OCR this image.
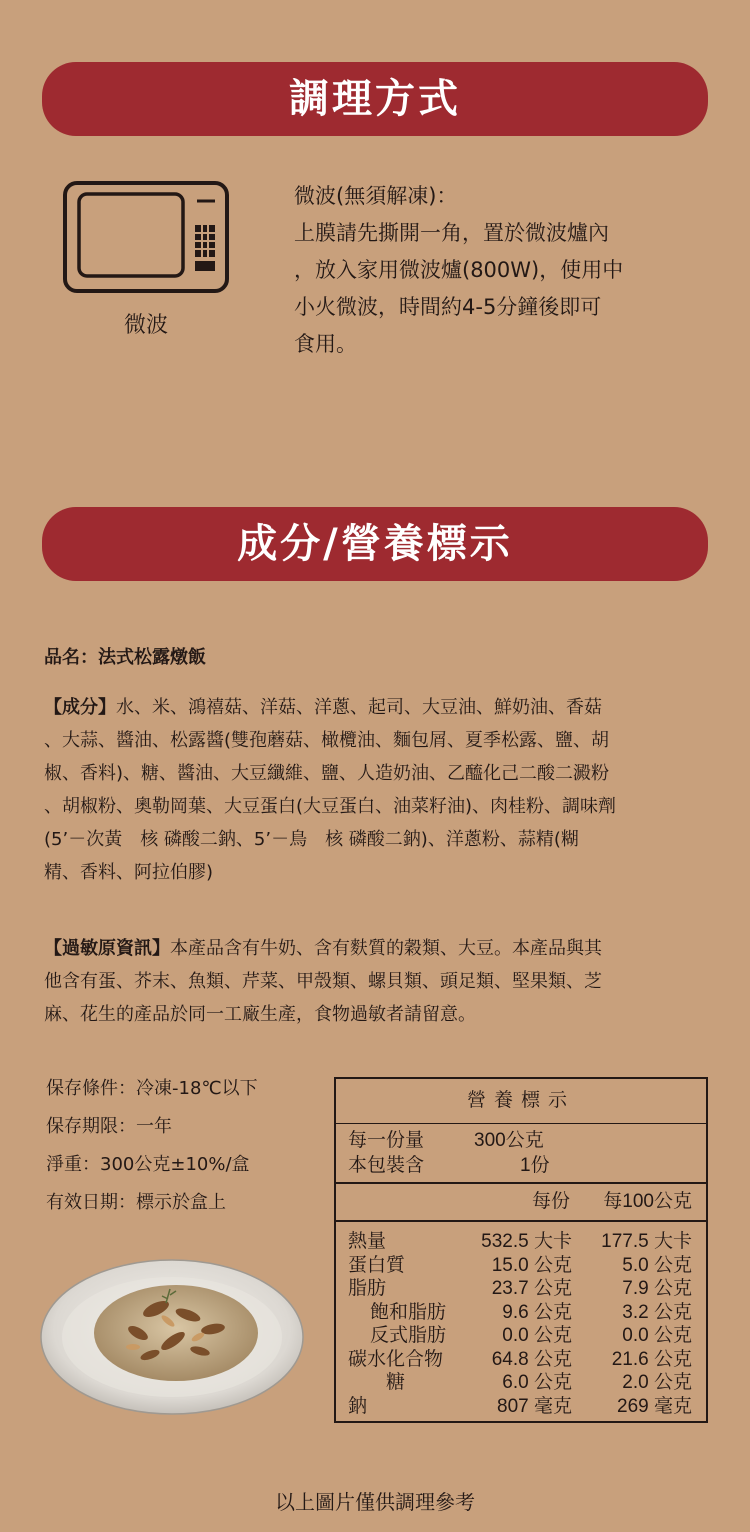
調理方式
微波
微波(無須解凍)：
上膜請先撕開一角，置於微波爐內
，放入家用微波爐(800W)，使用中
小火微波，時間約4-5分鐘後即可
食用。
成分/營養標示
品名：法式松露燉飯
【成分】水、米、鴻禧菇、洋菇、洋蔥、起司、大豆油、鮮奶油、香菇
、大蒜、醬油、松露醬(雙孢蘑菇、橄欖油、麵包屑、夏季松露、鹽、胡
椒、香料)、糖、醬油、大豆纖維、鹽、人造奶油、乙醯化己二酸二澱粉
、胡椒粉、奧勒岡葉、大豆蛋白(大豆蛋白、油菜籽油)、肉桂粉、調味劑
(5’－次黃　核 磷酸二鈉、5’－鳥　核 磷酸二鈉)、洋蔥粉、蒜精(糊
精、香料、阿拉伯膠)
【過敏原資訊】本產品含有牛奶、含有麩質的穀類、大豆。本產品與其
他含有蛋、芥末、魚類、芹菜、甲殼類、螺貝類、頭足類、堅果類、芝
麻、花生的產品於同一工廠生產，食物過敏者請留意。
保存條件：冷凍-18℃以下
保存期限：一年
淨重：300公克±10%/盒
有效日期：標示於盒上
營養標示
每一份量	300公克
本包裝含	1份
每份 每100公克
熱量	532.5 大卡 177.5 大卡
蛋白質	15.0 公克	5.0 公克
脂肪	23.7 公克	7.9 公克
飽和脂肪	9.6 公克	3.2 公克
反式脂肪	0.0 公克	0.0 公克
碳水化合物	64.8 公克 21.6 公克
糖	6.0 公克	2.0 公克
鈉	807 毫克 269 毫克
以上圖片僅供調理參考
